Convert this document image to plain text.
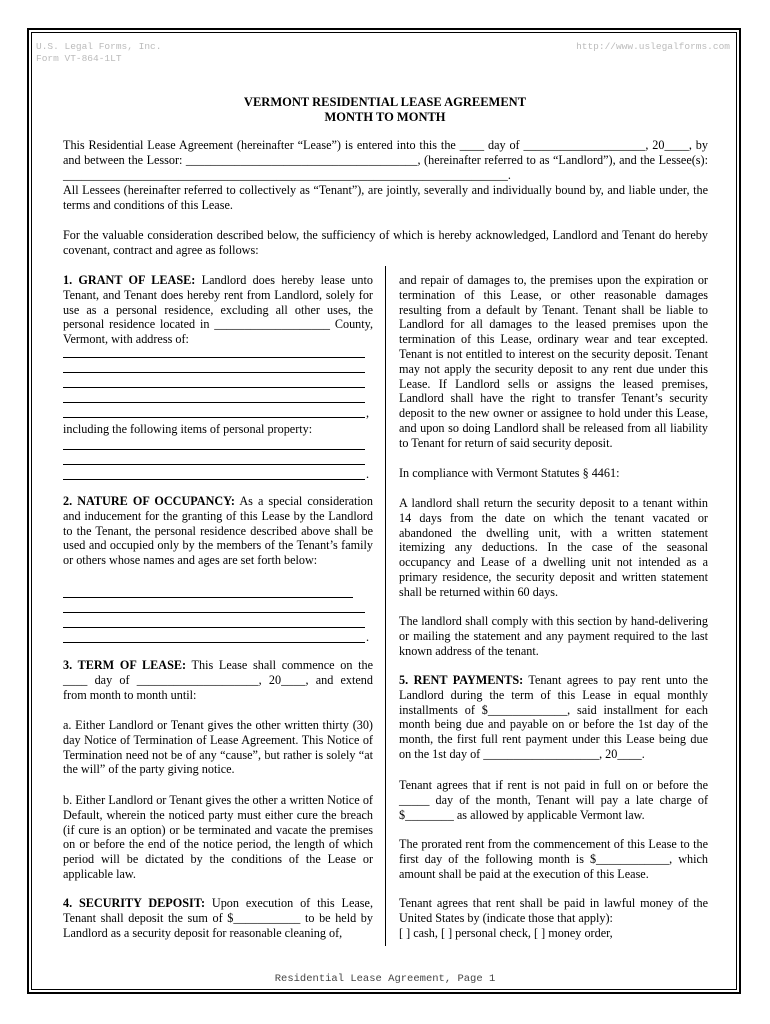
U.S. Legal Forms, Inc.
Form VT-864-1LT
http://www.uslegalforms.com
VERMONT RESIDENTIAL LEASE AGREEMENT
MONTH TO MONTH
This Residential Lease Agreement (hereinafter “Lease”) is entered into this the ____ day of ____________________, 20____, by and between the Lessor: ______________________________________, (hereinafter referred to as “Landlord”), and the Lessee(s): _________________________________________________________________________.
All Lessees (hereinafter referred to collectively as “Tenant”), are jointly, severally and individually bound by, and liable under, the terms and conditions of this Lease.
For the valuable consideration described below, the sufficiency of which is hereby acknowledged, Landlord and Tenant do hereby covenant, contract and agree as follows:
1. GRANT OF LEASE: Landlord does hereby lease unto Tenant, and Tenant does hereby rent from Landlord, solely for use as a personal residence, excluding all other uses, the personal residence located in ___________________ County, Vermont, with address of:
,
including the following items of personal property:
.
2. NATURE OF OCCUPANCY: As a special consideration and inducement for the granting of this Lease by the Landlord to the Tenant, the personal residence described above shall be used and occupied only by the members of the Tenant’s family or others whose names and ages are set forth below:
.
3. TERM OF LEASE: This Lease shall commence on the ____ day of ____________________, 20____, and extend from month to month until:
a. Either Landlord or Tenant gives the other written thirty (30) day Notice of Termination of Lease Agreement. This Notice of Termination need not be of any “cause”, but rather is solely “at the will” of the party giving notice.
b. Either Landlord or Tenant gives the other a written Notice of Default, wherein the noticed party must either cure the breach (if cure is an option) or be terminated and vacate the premises on or before the end of the notice period, the length of which period will be dictated by the conditions of the Lease or applicable law.
4. SECURITY DEPOSIT: Upon execution of this Lease, Tenant shall deposit the sum of $___________ to be held by Landlord as a security deposit for reasonable cleaning of,
and repair of damages to, the premises upon the expiration or termination of this Lease, or other reasonable damages resulting from a default by Tenant. Tenant shall be liable to Landlord for all damages to the leased premises upon the termination of this Lease, ordinary wear and tear excepted. Tenant is not entitled to interest on the security deposit. Tenant may not apply the security deposit to any rent due under this Lease. If Landlord sells or assigns the leased premises, Landlord shall have the right to transfer Tenant’s security deposit to the new owner or assignee to hold under this Lease, and upon so doing Landlord shall be released from all liability to Tenant for return of said security deposit.
In compliance with Vermont Statutes § 4461:
A landlord shall return the security deposit to a tenant within 14 days from the date on which the tenant vacated or abandoned the dwelling unit, with a written statement itemizing any deductions. In the case of the seasonal occupancy and Lease of a dwelling unit not intended as a primary residence, the security deposit and written statement shall be returned within 60 days.
The landlord shall comply with this section by hand-delivering or mailing the statement and any payment required to the last known address of the tenant.
5. RENT PAYMENTS: Tenant agrees to pay rent unto the Landlord during the term of this Lease in equal monthly installments of $_____________, said installment for each month being due and payable on or before the 1st day of the month, the first full rent payment under this Lease being due on the 1st day of ___________________, 20____.
Tenant agrees that if rent is not paid in full on or before the _____ day of the month, Tenant will pay a late charge of $________ as allowed by applicable Vermont law.
The prorated rent from the commencement of this Lease to the first day of the following month is $____________, which amount shall be paid at the execution of this Lease.
Tenant agrees that rent shall be paid in lawful money of the United States by (indicate those that apply):
[ ] cash, [ ] personal check, [ ] money order,
Residential Lease Agreement, Page 1
